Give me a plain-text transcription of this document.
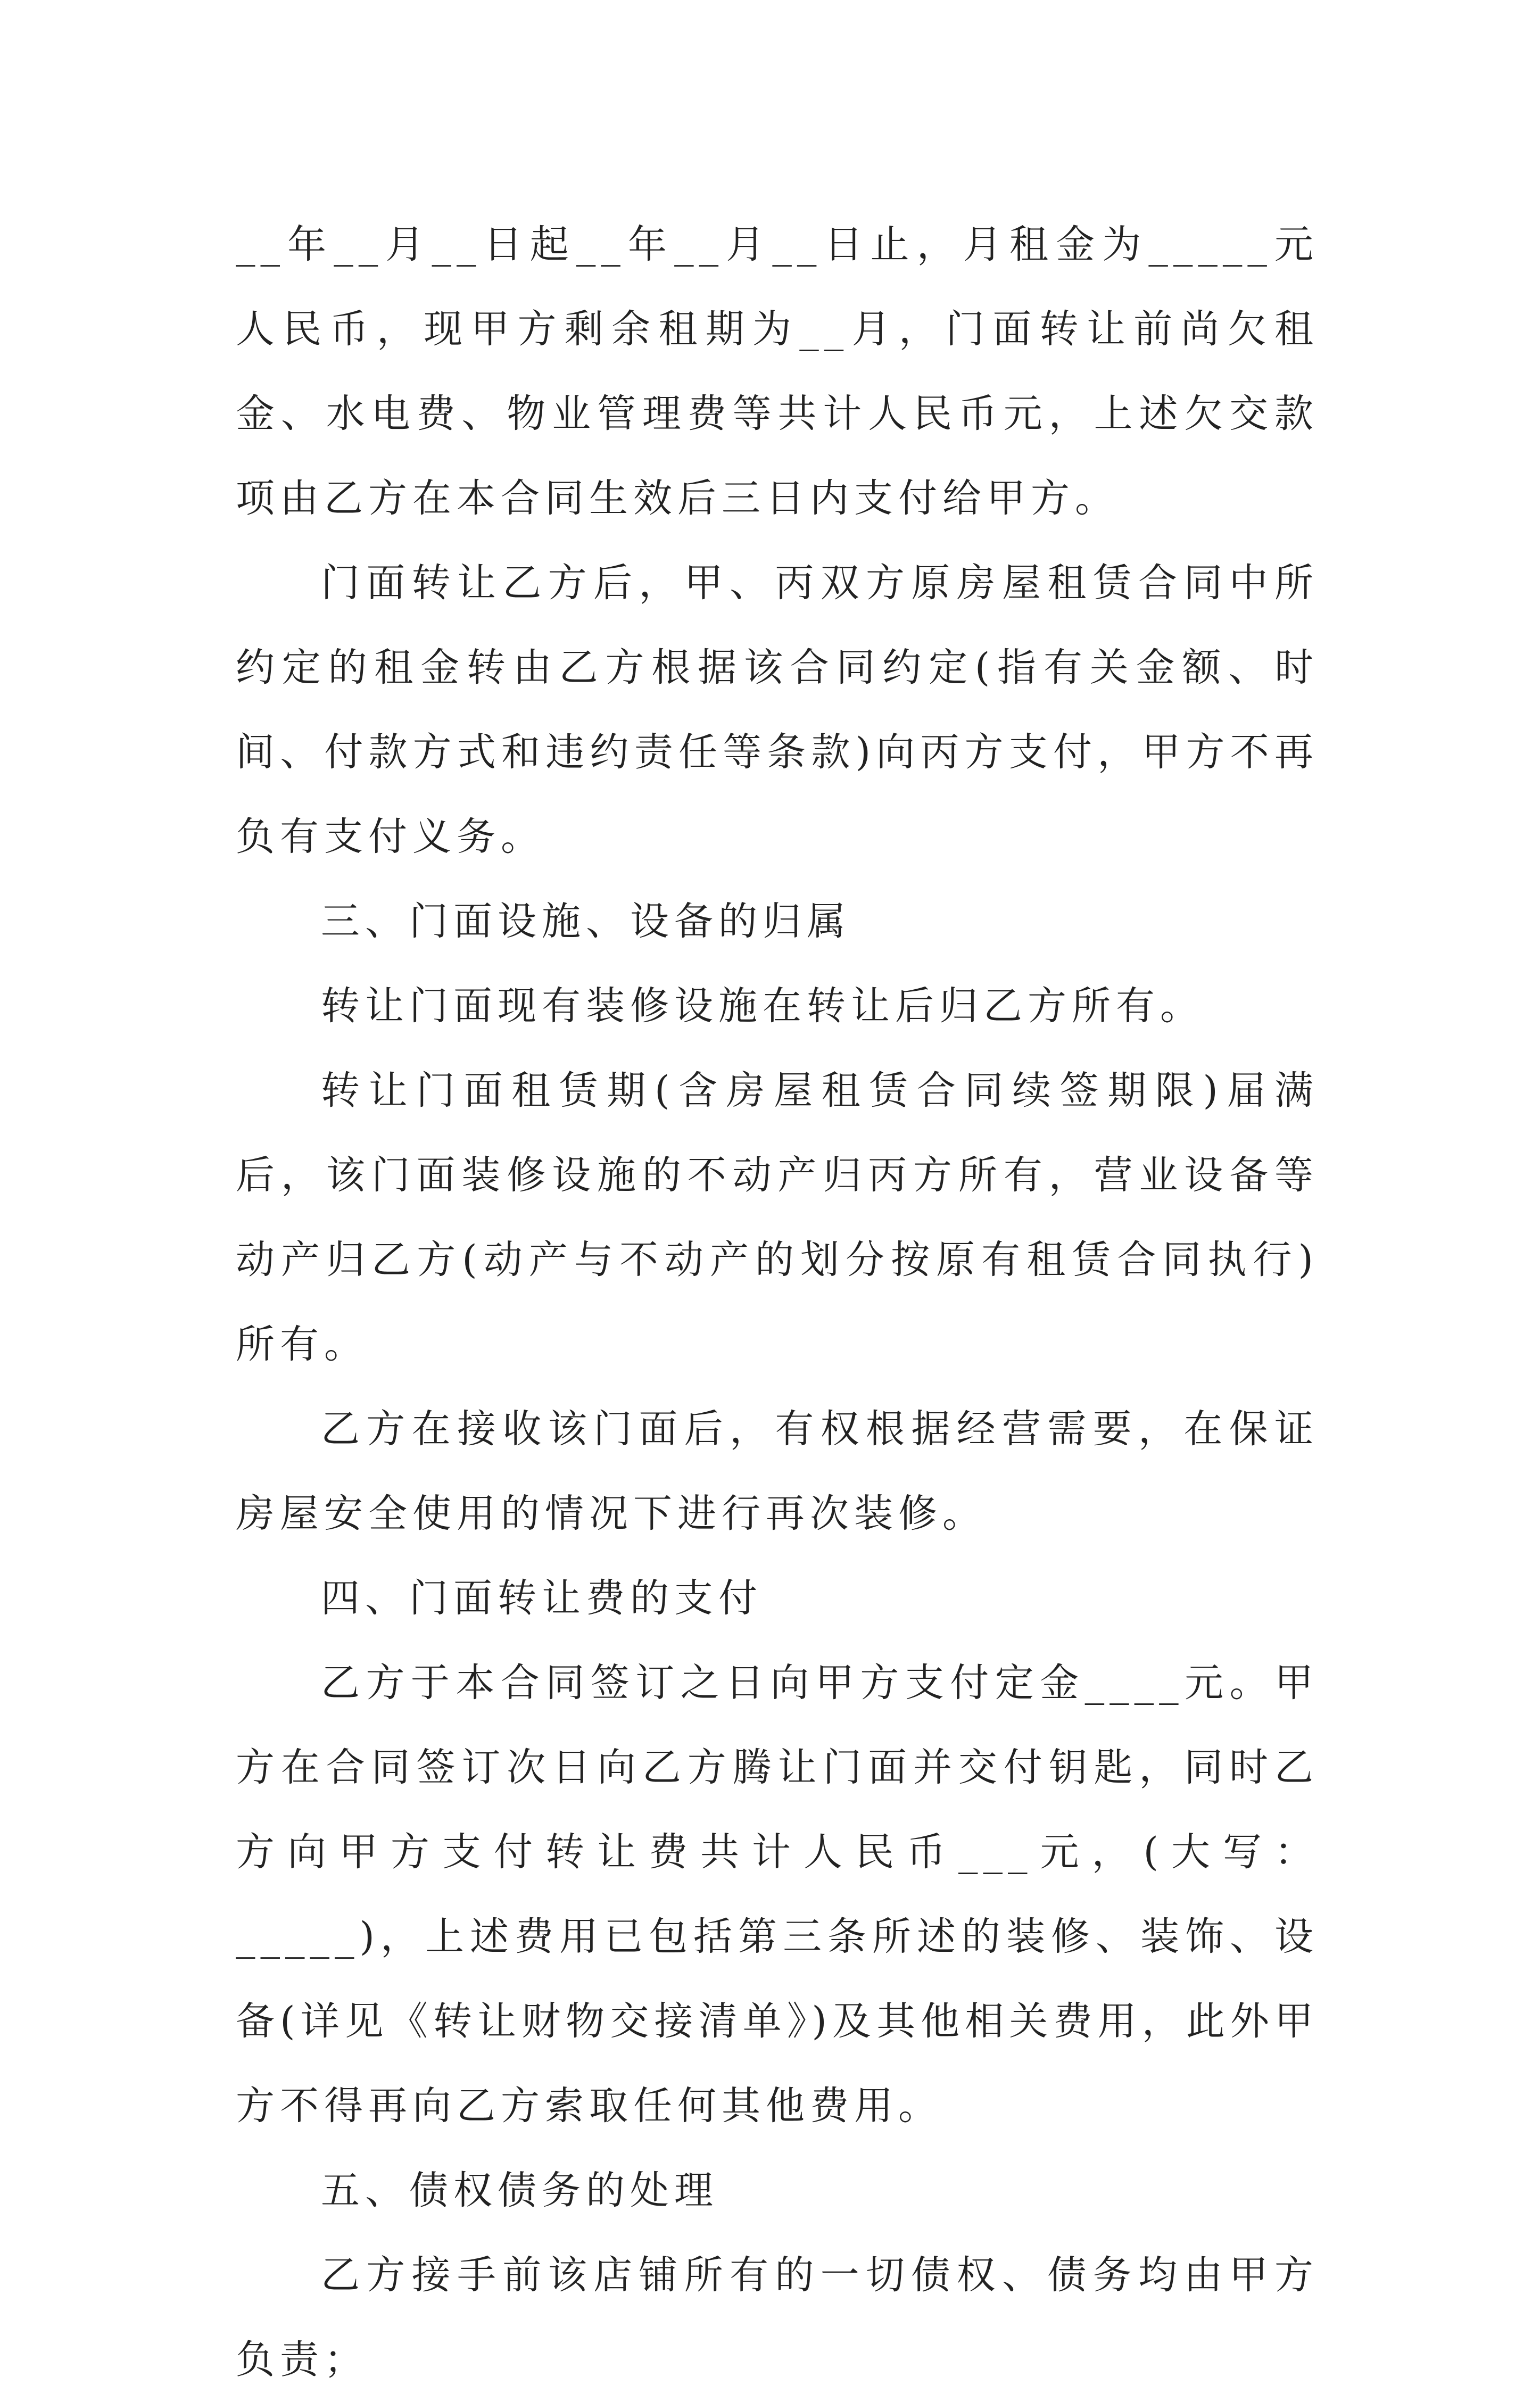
__年__月__日起__年__月__日止，月租金为_____元人民币，现甲方剩余租期为__月，门面转让前尚欠租金、水电费、物业管理费等共计人民币元，上述欠交款项由乙方在本合同生效后三日内支付给甲方。

门面转让乙方后，甲、丙双方原房屋租赁合同中所约定的租金转由乙方根据该合同约定(指有关金额、时间、付款方式和违约责任等条款)向丙方支付，甲方不再负有支付义务。

三、门面设施、设备的归属

转让门面现有装修设施在转让后归乙方所有。

转让门面租赁期(含房屋租赁合同续签期限)届满后，该门面装修设施的不动产归丙方所有，营业设备等动产归乙方(动产与不动产的划分按原有租赁合同执行)所有。

乙方在接收该门面后，有权根据经营需要，在保证房屋安全使用的情况下进行再次装修。

四、门面转让费的支付

乙方于本合同签订之日向甲方支付定金____元。甲方在合同签订次日向乙方腾让门面并交付钥匙，同时乙方向甲方支付转让费共计人民币___元，(大写：_____)，上述费用已包括第三条所述的装修、装饰、设备(详见《转让财物交接清单》)及其他相关费用，此外甲方不得再向乙方索取任何其他费用。

五、债权债务的处理

乙方接手前该店铺所有的一切债权、债务均由甲方负责；
